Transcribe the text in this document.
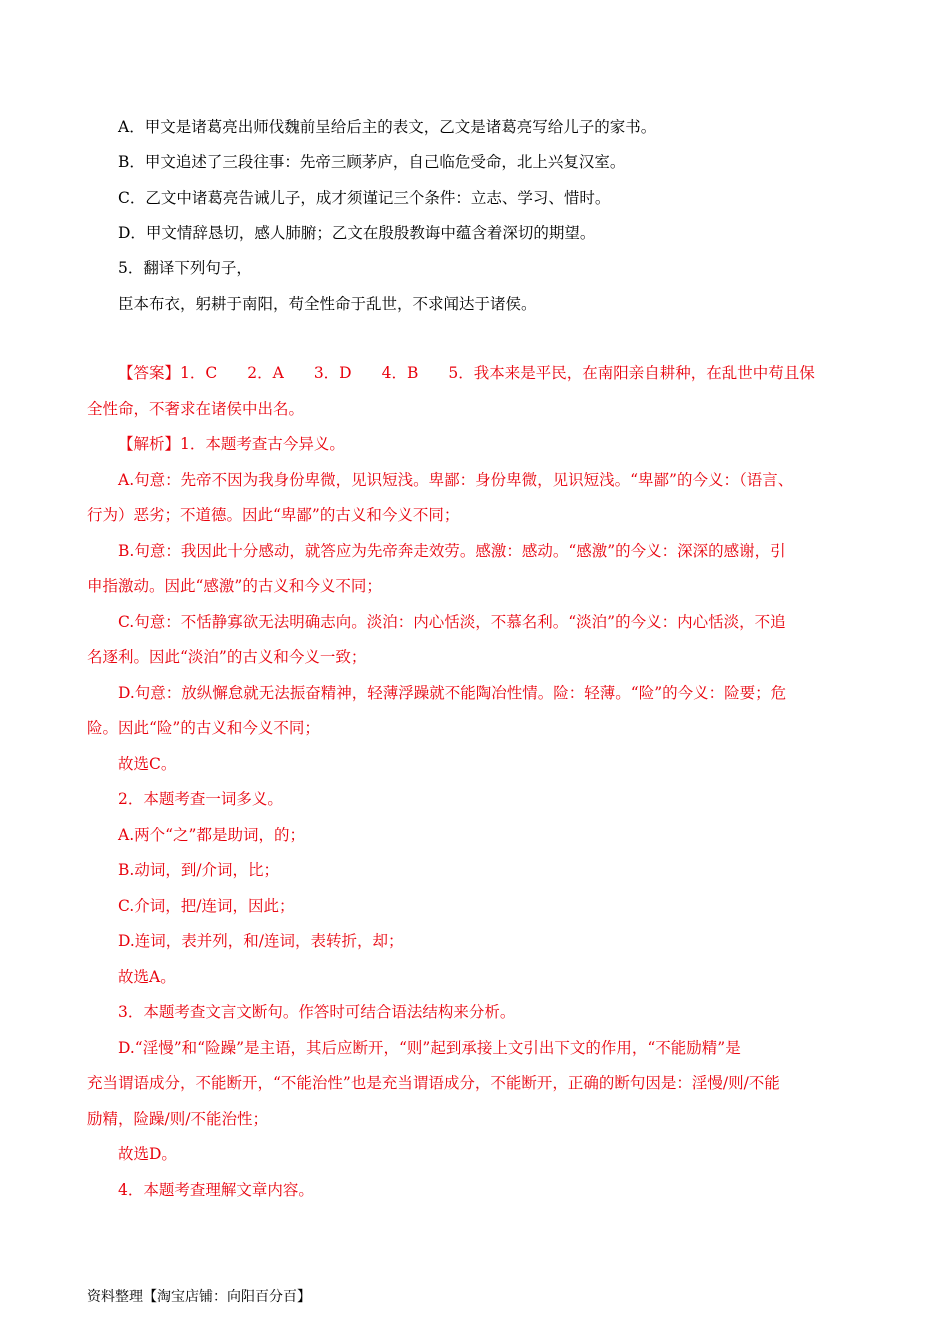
A．甲文是诸葛亮出师伐魏前呈给后主的表文，乙文是诸葛亮写给儿子的家书。
B．甲文追述了三段往事：先帝三顾茅庐，自己临危受命，北上兴复汉室。
C．乙文中诸葛亮告诫儿子，成才须谨记三个条件：立志、学习、惜时。
D．甲文情辞恳切，感人肺腑；乙文在殷殷教诲中蕴含着深切的期望。
5．翻译下列句子，
臣本布衣，躬耕于南阳，苟全性命于乱世，不求闻达于诸侯。
【答案】1．C 2．A 3．D 4．B 5．我本来是平民，在南阳亲自耕种，在乱世中苟且保
全性命，不奢求在诸侯中出名。
【解析】1．本题考查古今异义。
A.句意：先帝不因为我身份卑微，见识短浅。卑鄙：身份卑微，见识短浅。“卑鄙”的今义：（语言、
行为）恶劣；不道德。因此“卑鄙”的古义和今义不同；
B.句意：我因此十分感动，就答应为先帝奔走效劳。感激：感动。“感激”的今义：深深的感谢，引
申指激动。因此“感激”的古义和今义不同；
C.句意：不恬静寡欲无法明确志向。淡泊：内心恬淡，不慕名利。“淡泊”的今义：内心恬淡，不追
名逐利。因此“淡泊”的古义和今义一致；
D.句意：放纵懈怠就无法振奋精神，轻薄浮躁就不能陶冶性情。险：轻薄。“险”的今义：险要；危
险。因此“险”的古义和今义不同；
故选C。
2．本题考查一词多义。
A.两个“之”都是助词，的；
B.动词，到/介词，比；
C.介词，把/连词，因此；
D.连词，表并列，和/连词，表转折，却；
故选A。
3．本题考查文言文断句。作答时可结合语法结构来分析。
D.“淫慢”和“险躁”是主语，其后应断开，“则”起到承接上文引出下文的作用，“不能励精”是
充当谓语成分，不能断开，“不能治性”也是充当谓语成分，不能断开，正确的断句因是：淫慢/则/不能
励精，险躁/则/不能治性；
故选D。
4．本题考查理解文章内容。
资料整理【淘宝店铺：向阳百分百】
